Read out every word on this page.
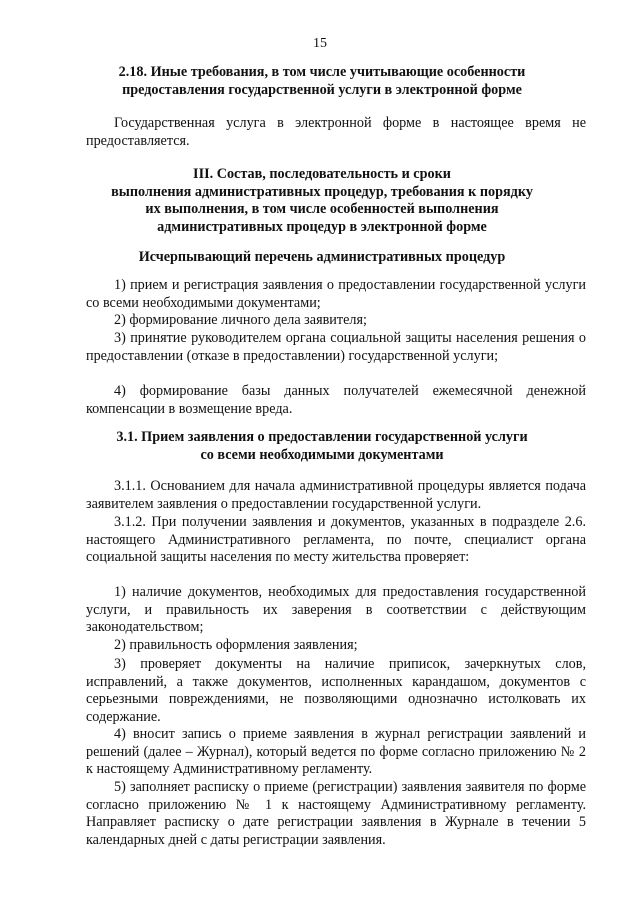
15
2.18. Иные требования, в том числе учитывающие особенности
предоставления государственной услуги в электронной форме
Государственная услуга в электронной форме в настоящее время не предоставляется.
III. Состав, последовательность и сроки
выполнения административных процедур, требования к порядку
их выполнения, в том числе особенностей выполнения
административных процедур в электронной форме
Исчерпывающий перечень административных процедур
1) прием и регистрация заявления о предоставлении государственной услуги со всеми необходимыми документами;
2) формирование личного дела заявителя;
3) принятие руководителем органа социальной защиты населения решения о предоставлении (отказе в предоставлении) государственной услуги;
4) формирование базы данных получателей ежемесячной денежной компенсации в возмещение вреда.
3.1. Прием заявления о предоставлении государственной услуги
со всеми необходимыми документами
3.1.1. Основанием для начала административной процедуры является подача заявителем заявления о предоставлении государственной услуги.
3.1.2. При получении заявления и документов, указанных в подразделе 2.6. настоящего Административного регламента, по почте, специалист органа социальной защиты населения по месту жительства проверяет:
1) наличие документов, необходимых для предоставления государственной услуги, и правильность их заверения в соответствии с действующим законодательством;
2) правильность оформления заявления;
3) проверяет документы на наличие приписок, зачеркнутых слов, исправлений, а также документов, исполненных карандашом, документов с серьезными повреждениями, не позволяющими однозначно истолковать их содержание.
4) вносит запись о приеме заявления в журнал регистрации заявлений и решений (далее – Журнал), который ведется по форме согласно приложению № 2 к настоящему Административному регламенту.
5) заполняет расписку о приеме (регистрации) заявления заявителя по форме согласно приложению № 1 к настоящему Административному регламенту. Направляет расписку о дате регистрации заявления в Журнале в течении 5 календарных дней с даты регистрации заявления.
